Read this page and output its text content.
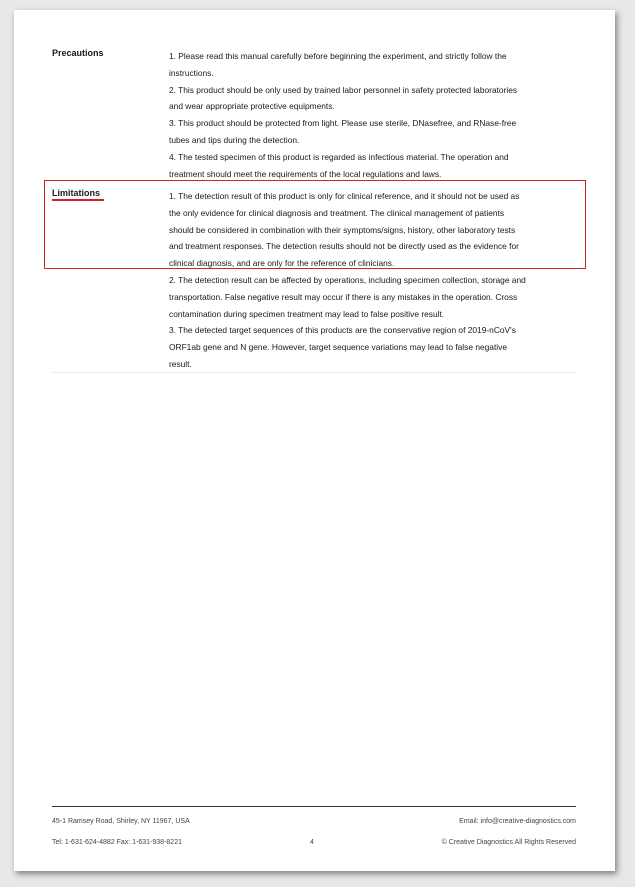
Precautions	1. Please read this manual carefully before beginning the experiment, and strictly follow the

instructions.

2. This product should be only used by trained labor personnel in safety protected laboratories

and wear appropriate protective equipments.

3. This product should be protected from light. Please use sterile, DNasefree, and RNase-free

tubes and tips during the detection.

4. The tested specimen of this product is regarded as infectious material. The operation and

treatment should meet the requirements of the local regulations and laws.

Limitations	1. The detection result of this product is only for clinical reference, and it should not be used as

the only evidence for clinical diagnosis and treatment. The clinical management of patients

should be considered in combination with their symptoms/signs, history, other laboratory tests

and treatment responses. The detection results should not be directly used as the evidence for

clinical diagnosis, and are only for the reference of clinicians.

2. The detection result can be affected by operations, including specimen collection, storage and

transportation. False negative result may occur if there is any mistakes in the operation. Cross

contamination during specimen treatment may lead to false positive result.

3. The detected target sequences of this products are the conservative region of 2019-nCoV's

ORF1ab gene and N gene. However, target sequence variations may lead to false negative

result.

45-1 Ramsey Road, Shirley, NY 11967, USA	Email: info@creative-diagnostics.com
Tel: 1-631-624-4882 Fax: 1-631-938-8221	4	© Creative Diagnostics All Rights Reserved
